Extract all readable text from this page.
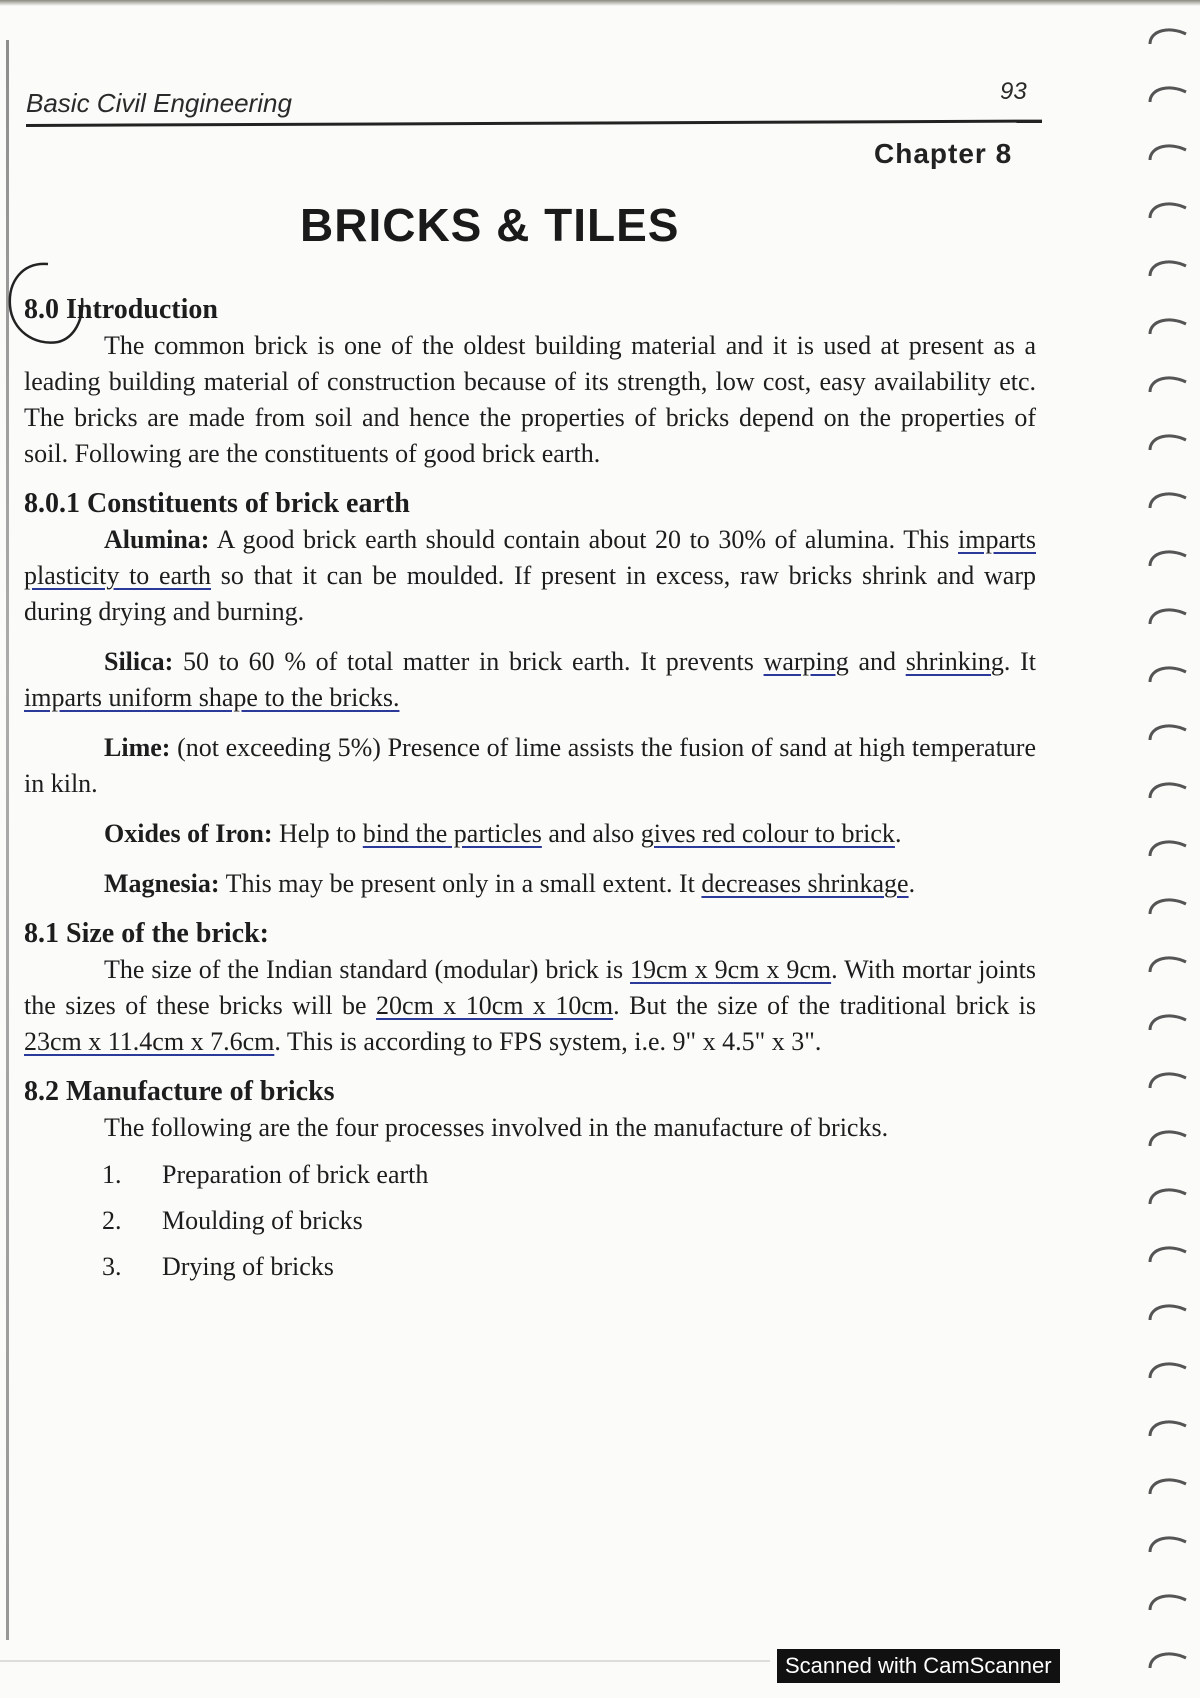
Basic Civil Engineering	93
Chapter 8
BRICKS & TILES

8.0 Introduction

The common brick is one of the oldest building material and it is used at present as a leading building material of construction because of its strength, low cost, easy availability etc. The bricks are made from soil and hence the properties of bricks depend on the properties of soil. Following are the constituents of good brick earth.

8.0.1 Constituents of brick earth

Alumina: A good brick earth should contain about 20 to 30% of alumina. This imparts plasticity to earth so that it can be moulded. If present in excess, raw bricks shrink and warp during drying and burning.

Silica: 50 to 60 % of total matter in brick earth. It prevents warping and shrinking. It imparts uniform shape to the bricks.

Lime: (not exceeding 5%) Presence of lime assists the fusion of sand at high temperature in kiln.

Oxides of Iron: Help to bind the particles and also gives red colour to brick.

Magnesia: This may be present only in a small extent. It decreases shrinkage.

8.1 Size of the brick:

The size of the Indian standard (modular) brick is 19cm x 9cm x 9cm. With mortar joints the sizes of these bricks will be 20cm x 10cm x 10cm. But the size of the traditional brick is 23cm x 11.4cm x 7.6cm. This is according to FPS system, i.e. 9" x 4.5" x 3".

8.2 Manufacture of bricks

The following are the four processes involved in the manufacture of bricks.

1.	Preparation of brick earth
2.	Moulding of bricks
3.	Drying of bricks
Scanned with CamScanner
